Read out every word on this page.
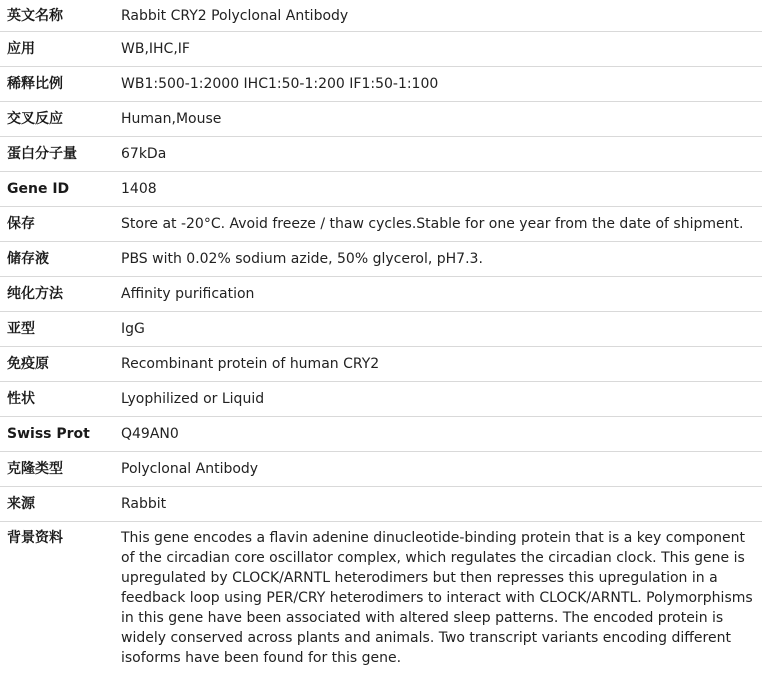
英文名称	Rabbit CRY2 Polyclonal Antibody
应用	WB,IHC,IF
稀释比例	WB1:500-1:2000 IHC1:50-1:200 IF1:50-1:100
交叉反应	Human,Mouse
蛋白分子量	67kDa
Gene ID	1408
保存	Store at -20°C. Avoid freeze / thaw cycles.Stable for one year from the date of shipment.
储存液	PBS with 0.02% sodium azide, 50% glycerol, pH7.3.
纯化方法	Affinity purification
亚型	IgG
免疫原	Recombinant protein of human CRY2
性状	Lyophilized or Liquid
Swiss Prot	Q49AN0
克隆类型	Polyclonal Antibody
来源	Rabbit
背景资料	This gene encodes a flavin adenine dinucleotide-binding protein that is a key component of the circadian core oscillator complex, which regulates the circadian clock. This gene is upregulated by CLOCK/ARNTL heterodimers but then represses this upregulation in a feedback loop using PER/CRY heterodimers to interact with CLOCK/ARNTL. Polymorphisms in this gene have been associated with altered sleep patterns. The encoded protein is widely conserved across plants and animals. Two transcript variants encoding different isoforms have been found for this gene.
